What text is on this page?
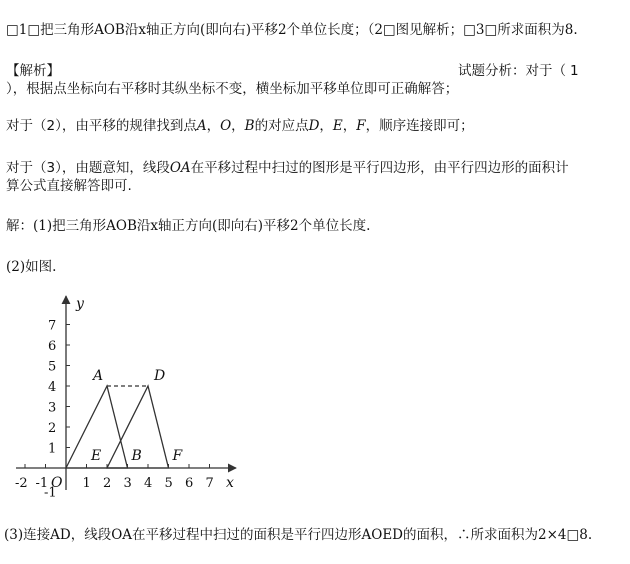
□1□把三角形AOB沿x轴正方向(即向右)平移2个单位长度；（2□图见解析；□3□所求面积为8.
【解析】	试题分析：对于（ 1
），根据点坐标向右平移时其纵坐标不变，横坐标加平移单位即可正确解答；
对于（2），由平移的规律找到点A，O，B的对应点D，E，F，顺序连接即可；
对于（3），由题意知，线段OA在平移过程中扫过的图形是平行四边形，由平行四边形的面积计
算公式直接解答即可.
解：(1)把三角形AOB沿x轴正方向(即向右)平移2个单位长度.
(2)如图.
y
x
1
2
3
4
5
6
7
-1
1 2 3 4 5 6 7
-2 -1 O
A	D
E B F
(3)连接AD，线段OA在平移过程中扫过的面积是平行四边形AOED的面积，∴所求面积为2×4□8.
